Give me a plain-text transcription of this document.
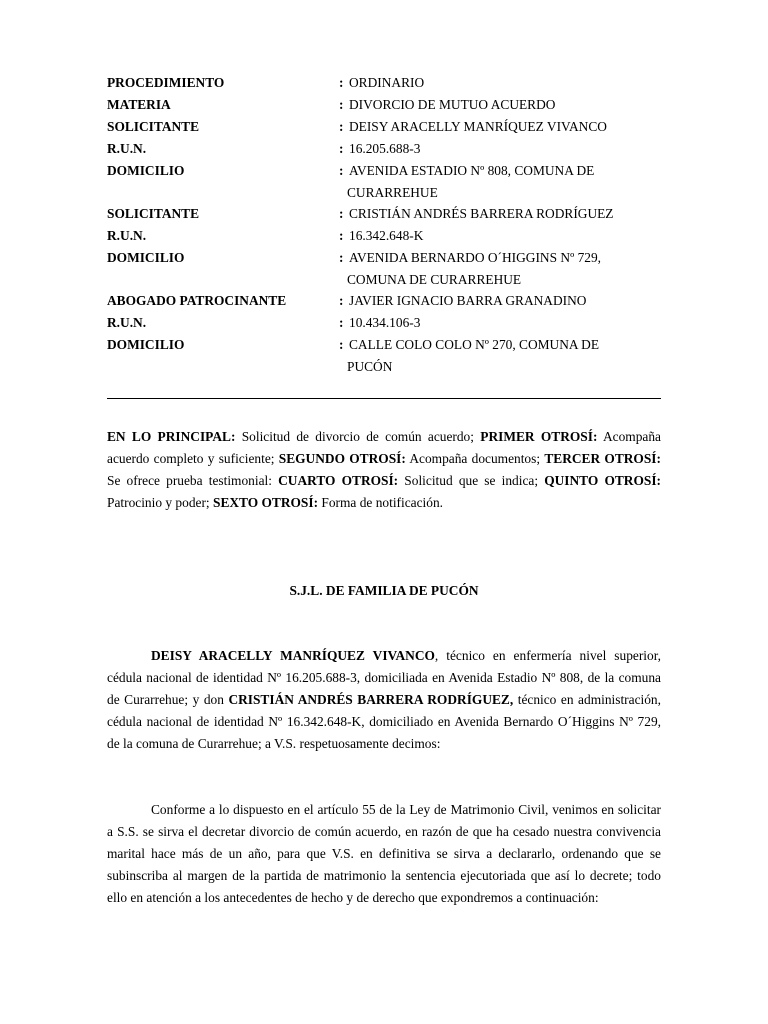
PROCEDIMIENTO	: ORDINARIO
MATERIA	: DIVORCIO DE MUTUO ACUERDO
SOLICITANTE	: DEISY ARACELLY MANRÍQUEZ VIVANCO
R.U.N.	: 16.205.688-3
DOMICILIO	: AVENIDA ESTADIO Nº 808, COMUNA DE
CURARREHUE
SOLICITANTE	: CRISTIÁN ANDRÉS BARRERA RODRÍGUEZ
R.U.N.	: 16.342.648-K
DOMICILIO	: AVENIDA BERNARDO O´HIGGINS Nº 729,
COMUNA DE CURARREHUE
ABOGADO PATROCINANTE	: JAVIER IGNACIO BARRA GRANADINO
R.U.N.	: 10.434.106-3
DOMICILIO	: CALLE COLO COLO Nº 270, COMUNA DE
PUCÓN
EN LO PRINCIPAL: Solicitud de divorcio de común acuerdo; PRIMER OTROSÍ: Acompaña acuerdo completo y suficiente; SEGUNDO OTROSÍ: Acompaña documentos; TERCER OTROSÍ: Se ofrece prueba testimonial: CUARTO OTROSÍ: Solicitud que se indica; QUINTO OTROSÍ: Patrocinio y poder; SEXTO OTROSÍ: Forma de notificación.
S.J.L. DE FAMILIA DE PUCÓN
DEISY ARACELLY MANRÍQUEZ VIVANCO, técnico en enfermería nivel superior, cédula nacional de identidad Nº 16.205.688-3, domiciliada en Avenida Estadio Nº 808, de la comuna de Curarrehue; y don CRISTIÁN ANDRÉS BARRERA RODRÍGUEZ, técnico en administración, cédula nacional de identidad Nº 16.342.648-K, domiciliado en Avenida Bernardo O´Higgins Nº 729, de la comuna de Curarrehue; a V.S. respetuosamente decimos:
Conforme a lo dispuesto en el artículo 55 de la Ley de Matrimonio Civil, venimos en solicitar a S.S. se sirva el decretar divorcio de común acuerdo, en razón de que ha cesado nuestra convivencia marital hace más de un año, para que V.S. en definitiva se sirva a declararlo, ordenando que se subinscriba al margen de la partida de matrimonio la sentencia ejecutoriada que así lo decrete; todo ello en atención a los antecedentes de hecho y de derecho que expondremos a continuación:
